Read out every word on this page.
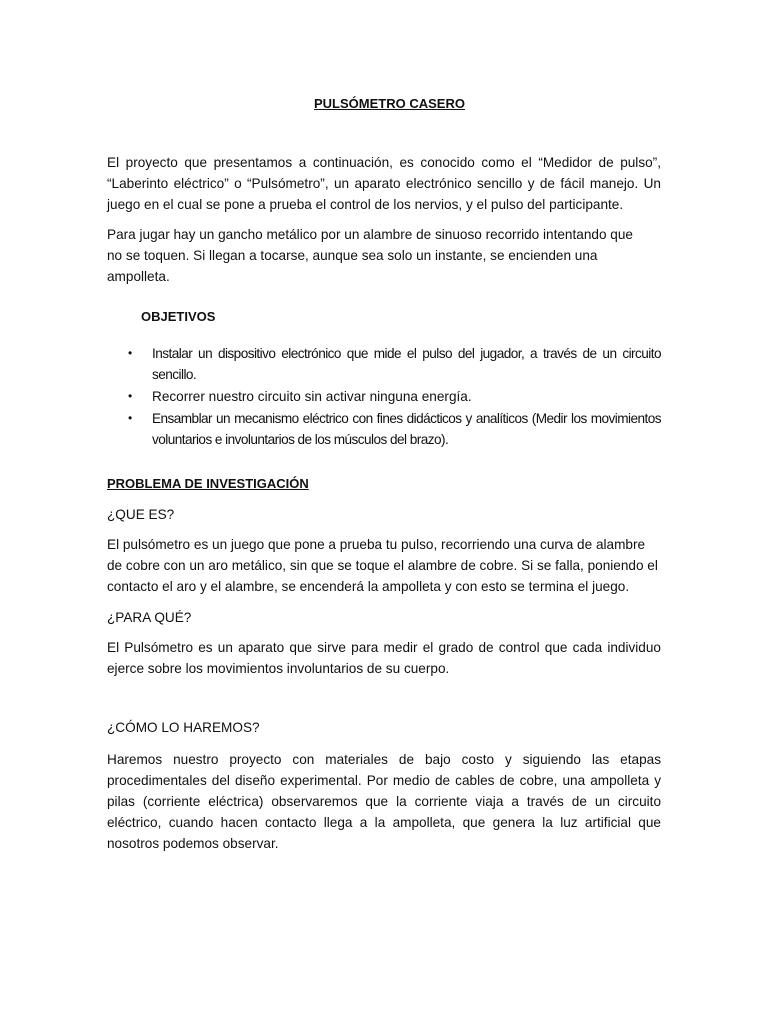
PULSÓMETRO CASERO

El proyecto que presentamos a continuación, es conocido como el “Medidor de pulso”, “Laberinto eléctrico” o “Pulsómetro”, un aparato electrónico sencillo y de fácil manejo. Un juego en el cual se pone a prueba el control de los nervios, y el pulso del participante.

Para jugar hay un gancho metálico por un alambre de sinuoso recorrido intentando que
no se toquen. Si llegan a tocarse, aunque sea solo un instante, se encienden una
ampolleta.
OBJETIVOS
• Instalar un dispositivo electrónico que mide el pulso del jugador, a través de un circuito sencillo.
• Recorrer nuestro circuito sin activar ninguna energía.
• Ensamblar un mecanismo eléctrico con fines didácticos y analíticos (Medir los movimientos voluntarios e involuntarios de los músculos del brazo).
PROBLEMA DE INVESTIGACIÓN
¿QUE ES?

El pulsómetro es un juego que pone a prueba tu pulso, recorriendo una curva de alambre de cobre con un aro metálico, sin que se toque el alambre de cobre. Si se falla, poniendo el contacto el aro y el alambre, se encenderá la ampolleta y con esto se termina el juego.

¿PARA QUÉ?

El Pulsómetro es un aparato que sirve para medir el grado de control que cada individuo ejerce sobre los movimientos involuntarios de su cuerpo.

¿CÓMO LO HAREMOS?

Haremos nuestro proyecto con materiales de bajo costo y siguiendo las etapas procedimentales del diseño experimental. Por medio de cables de cobre, una ampolleta y pilas (corriente eléctrica) observaremos que la corriente viaja a través de un circuito eléctrico, cuando hacen contacto llega a la ampolleta, que genera la luz artificial que nosotros podemos observar.
